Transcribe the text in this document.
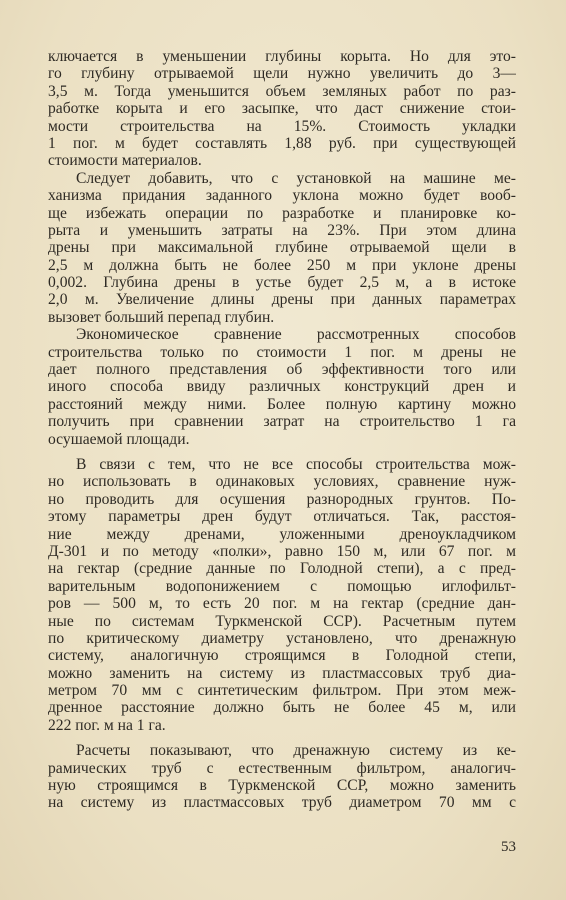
ключается в уменьшении глубины корыта. Но для это-
го глубину отрываемой щели нужно увеличить до 3—
3,5 м. Тогда уменьшится объем земляных работ по раз-
работке корыта и его засыпке, что даст снижение стои-
мости строительства на 15%. Стоимость укладки
1 пог. м будет составлять 1,88 руб. при существующей
стоимости материалов.
Следует добавить, что с установкой на машине ме-
ханизма придания заданного уклона можно будет вооб-
ще избежать операции по разработке и планировке ко-
рыта и уменьшить затраты на 23%. При этом длина
дрены при максимальной глубине отрываемой щели в
2,5 м должна быть не более 250 м при уклоне дрены
0,002. Глубина дрены в устье будет 2,5 м, а в истоке
2,0 м. Увеличение длины дрены при данных параметрах
вызовет больший перепад глубин.
Экономическое сравнение рассмотренных способов
строительства только по стоимости 1 пог. м дрены не
дает полного представления об эффективности того или
иного способа ввиду различных конструкций дрен и
расстояний между ними. Более полную картину можно
получить при сравнении затрат на строительство 1 га
осушаемой площади.
В связи с тем, что не все способы строительства мож-
но использовать в одинаковых условиях, сравнение нуж-
но проводить для осушения разнородных грунтов. По-
этому параметры дрен будут отличаться. Так, расстоя-
ние между дренами, уложенными дреноукладчиком
Д-301 и по методу «полки», равно 150 м, или 67 пог. м
на гектар (средние данные по Голодной степи), а с пред-
варительным водопонижением с помощью иглофильт-
ров — 500 м, то есть 20 пог. м на гектар (средние дан-
ные по системам Туркменской ССР). Расчетным путем
по критическому диаметру установлено, что дренажную
систему, аналогичную строящимся в Голодной степи,
можно заменить на систему из пластмассовых труб диа-
метром 70 мм с синтетическим фильтром. При этом меж-
дренное расстояние должно быть не более 45 м, или
222 пог. м на 1 га.
Расчеты показывают, что дренажную систему из ке-
рамических труб с естественным фильтром, аналогич-
ную строящимся в Туркменской ССР, можно заменить
на систему из пластмассовых труб диаметром 70 мм с
53
